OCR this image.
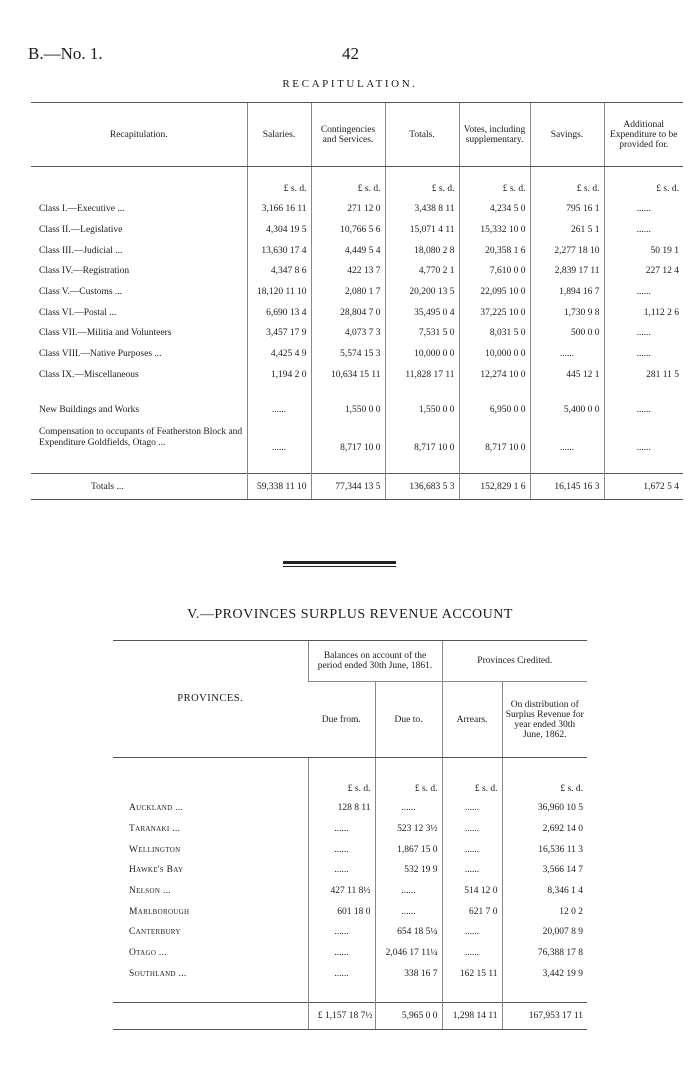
B.—No. 1.	42
RECAPITULATION.
Recapitulation.	Salaries.	Contingencies and Services.	Totals.	Votes, including supplementary.	Savings.	Additional Expenditure to be provided for.

	£ s. d.	£ s. d.	£ s. d.	£ s. d.	£ s. d.	£ s. d.
Class I.—Executive ...	3,166 16 11	271 12 0	3,438 8 11	4,234 5 0	795 16 1	......
Class II.—Legislative	4,304 19 5	10,766 5 6	15,071 4 11	15,332 10 0	261 5 1	......
Class III.—Judicial ...	13,630 17 4	4,449 5 4	18,080 2 8	20,358 1 6	2,277 18 10	50 19 1
Class IV.—Registration	4,347 8 6	422 13 7	4,770 2 1	7,610 0 0	2,839 17 11	227 12 4
Class V.—Customs ...	18,120 11 10	2,080 1 7	20,200 13 5	22,095 10 0	1,894 16 7	......
Class VI.—Postal ...	6,690 13 4	28,804 7 0	35,495 0 4	37,225 10 0	1,730 9 8	1,112 2 6
Class VII.—Militia and Volunteers	3,457 17 9	4,073 7 3	7,531 5 0	8,031 5 0	500 0 0	......
Class VIII.—Native Purposes ...	4,425 4 9	5,574 15 3	10,000 0 0	10,000 0 0	......	......
Class IX.—Miscellaneous	1,194 2 0	10,634 15 11	11,828 17 11	12,274 10 0	445 12 1	281 11 5

New Buildings and Works	......	1,550 0 0	1,550 0 0	6,950 0 0	5,400 0 0	......
Compensation to occupants of Featherston Block and Expenditure Goldfields, Otago ...	......	8,717 10 0	8,717 10 0	8,717 10 0	......	......

Totals ...	59,338 11 10	77,344 13 5	136,683 5 3	152,829 1 6	16,145 16 3	1,672 5 4
V.—PROVINCES SURPLUS REVENUE ACCOUNT
PROVINCES.	Balances on account of the period ended 30th June, 1861.		Provinces Credited.	
	Due from.	Due to.	Arrears.	On distribution of Surplus Revenue for year ended 30th June, 1862.
	£ s. d.	£ s. d.	£ s. d.	£ s. d.
Auckland ...	128 8 11	......	......	36,960 10 5
Taranaki ...	......	523 12 3½	......	2,692 14 0
Wellington	......	1,867 15 0	......	16,536 11 3
Hawke's Bay	......	532 19 9	......	3,566 14 7
Nelson ...	427 11 8½	......	514 12 0	8,346 1 4
Marlborough	601 18 0	......	621 7 0	12 0 2
Canterbury	......	654 18 5¼	......	20,007 8 9
Otago ...	......	2,046 17 11¼	......	76,388 17 8
Southland ...	......	338 16 7	162 15 11	3,442 19 9

	£ 1,157 18 7½	5,965 0 0	1,298 14 11	167,953 17 11
